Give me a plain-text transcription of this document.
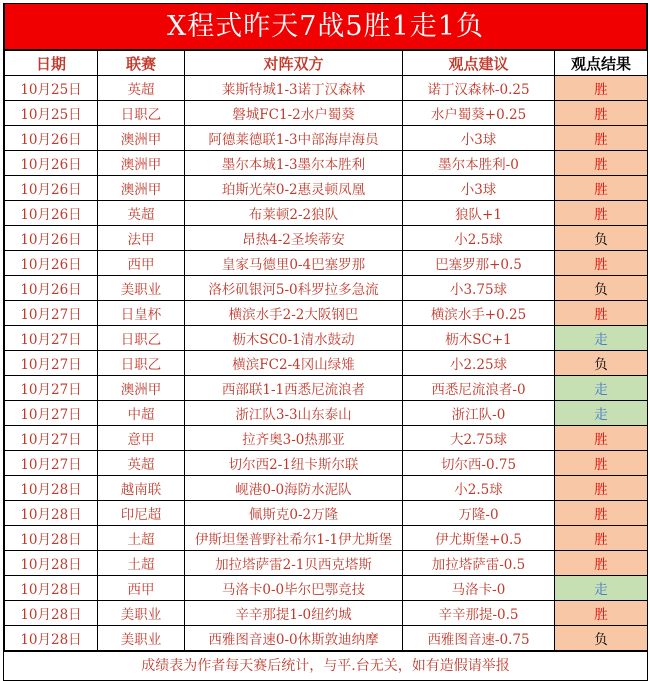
X程式昨天7战5胜1走1负
日期	联赛	对阵双方	观点建议	观点结果
10月25日	英超	莱斯特城1-3诺丁汉森林	诺丁汉森林-0.25	胜
10月25日	日职乙	磐城FC1-2水户蜀葵	水户蜀葵+0.25	胜
10月26日	澳洲甲	阿德莱德联1-3中部海岸海员	小3球	胜
10月26日	澳洲甲	墨尔本城1-3墨尔本胜利	墨尔本胜利-0	胜
10月26日	澳洲甲	珀斯光荣0-2惠灵顿凤凰	小3球	胜
10月26日	英超	布莱顿2-2狼队	狼队+1	胜
10月26日	法甲	昂热4-2圣埃蒂安	小2.5球	负
10月26日	西甲	皇家马德里0-4巴塞罗那	巴塞罗那+0.5	胜
10月26日	美职业	洛杉矶银河5-0科罗拉多急流	小3.75球	负
10月27日	日皇杯	横滨水手2-2大阪钢巴	横滨水手+0.25	胜
10月27日	日职乙	枥木SC0-1清水鼓动	枥木SC+1	走
10月27日	日职乙	横滨FC2-4冈山绿雉	小2.25球	负
10月27日	澳洲甲	西部联1-1西悉尼流浪者	西悉尼流浪者-0	走
10月27日	中超	浙江队3-3山东泰山	浙江队-0	走
10月27日	意甲	拉齐奥3-0热那亚	大2.75球	胜
10月27日	英超	切尔西2-1纽卡斯尔联	切尔西-0.75	胜
10月28日	越南联	岘港0-0海防水泥队	小2.5球	胜
10月28日	印尼超	佩斯克0-2万隆	万隆-0	胜
10月28日	土超	伊斯坦堡普野社希尔1-1伊尤斯堡	伊尤斯堡+0.5	胜
10月28日	土超	加拉塔萨雷2-1贝西克塔斯	加拉塔萨雷-0.5	胜
10月28日	西甲	马洛卡0-0毕尔巴鄂竞技	马洛卡-0	走
10月28日	美职业	辛辛那提1-0纽约城	辛辛那提-0.5	胜
10月28日	美职业	西雅图音速0-0休斯敦迪纳摩	西雅图音速-0.75	负
成绩表为作者每天赛后统计，与平.台无关，如有造假请举报
